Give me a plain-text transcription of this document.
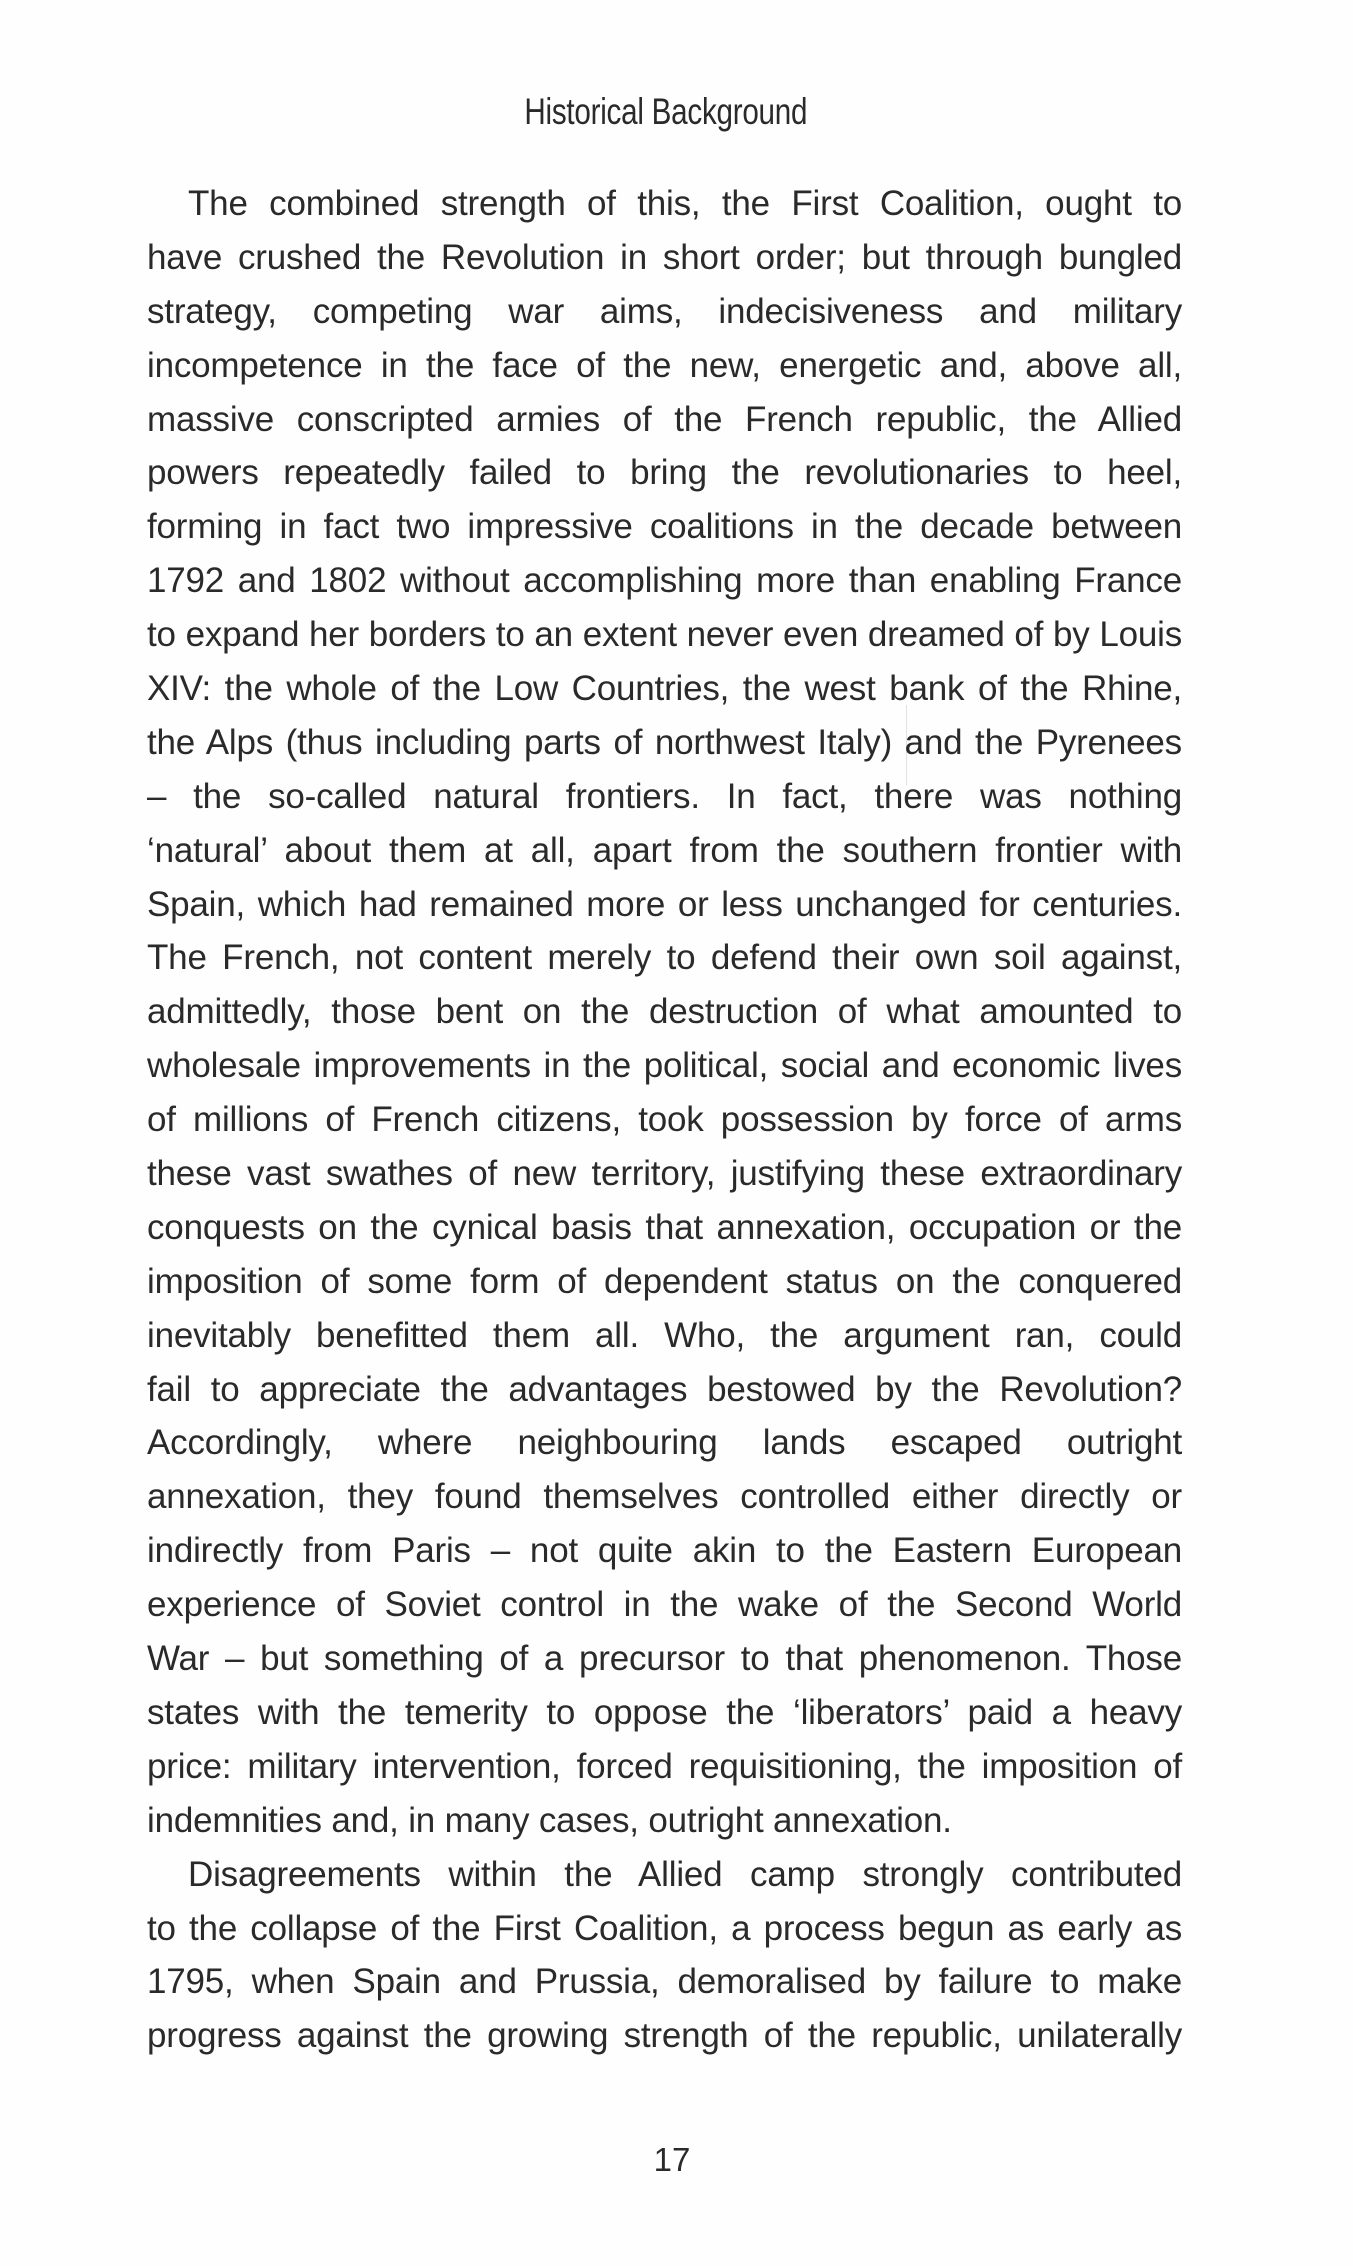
Historical Background
The combined strength of this, the First Coalition, ought to
have crushed the Revolution in short order; but through bungled
strategy, competing war aims, indecisiveness and military
incompetence in the face of the new, energetic and, above all,
massive conscripted armies of the French republic, the Allied
powers repeatedly failed to bring the revolutionaries to heel,
forming in fact two impressive coalitions in the decade between
1792 and 1802 without accomplishing more than enabling France
to expand her borders to an extent never even dreamed of by Louis
XIV: the whole of the Low Countries, the west bank of the Rhine,
the Alps (thus including parts of northwest Italy) and the Pyrenees
– the so-called natural frontiers. In fact, there was nothing
‘natural’ about them at all, apart from the southern frontier with
Spain, which had remained more or less unchanged for centuries.
The French, not content merely to defend their own soil against,
admittedly, those bent on the destruction of what amounted to
wholesale improvements in the political, social and economic lives
of millions of French citizens, took possession by force of arms
these vast swathes of new territory, justifying these extraordinary
conquests on the cynical basis that annexation, occupation or the
imposition of some form of dependent status on the conquered
inevitably benefitted them all. Who, the argument ran, could
fail to appreciate the advantages bestowed by the Revolution?
Accordingly, where neighbouring lands escaped outright
annexation, they found themselves controlled either directly or
indirectly from Paris – not quite akin to the Eastern European
experience of Soviet control in the wake of the Second World
War – but something of a precursor to that phenomenon. Those
states with the temerity to oppose the ‘liberators’ paid a heavy
price: military intervention, forced requisitioning, the imposition of
indemnities and, in many cases, outright annexation.
Disagreements within the Allied camp strongly contributed
to the collapse of the First Coalition, a process begun as early as
1795, when Spain and Prussia, demoralised by failure to make
progress against the growing strength of the republic, unilaterally
17
